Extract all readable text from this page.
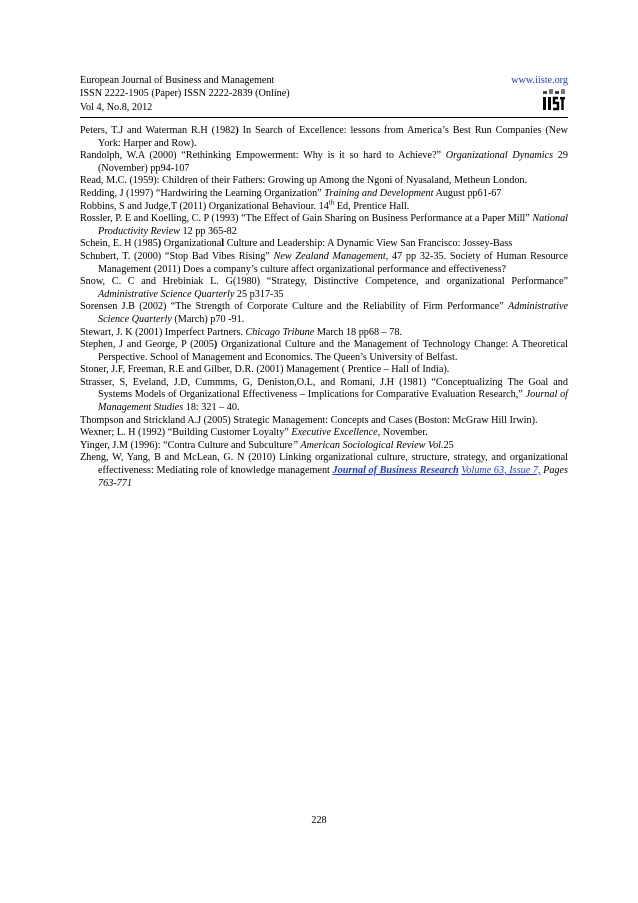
European Journal of Business and Management
ISSN 2222-1905 (Paper) ISSN 2222-2839 (Online)
Vol 4, No.8, 2012
www.iiste.org

Peters, T.J and Waterman R.H (1982) In Search of Excellence: lessons from America’s Best Run Companies (New York: Harper and Row).

Randolph, W.A (2000) “Rethinking Empowerment: Why is it so hard to Achieve?” Organizational Dynamics 29 (November) pp94-107

Read, M.C. (1959): Children of their Fathers: Growing up Among the Ngoni of Nyasaland, Metheun London.

Redding, J (1997) “Hardwiring the Learning Organization” Training and Development August pp61-67

Robbins, S and Judge,T (2011) Organizational Behaviour. 14th Ed, Prentice Hall.

Rossler, P. E and Koelling, C. P (1993) “The Effect of Gain Sharing on Business Performance at a Paper Mill” National Productivity Review 12 pp 365-82

Schein, E. H (1985) Organizational Culture and Leadership: A Dynamic View San Francisco: Jossey-Bass

Schubert, T. (2000) “Stop Bad Vibes Rising” New Zealand Management, 47 pp 32-35. Society of Human Resource Management (2011) Does a company’s culture affect organizational performance and effectiveness?

Snow, C. C and Hrebiniak L. G(1980) “Strategy, Distinctive Competence, and organizational Performance” Administrative Science Quarterly 25 p317-35

Sorensen J.B (2002) “The Strength of Corporate Culture and the Reliability of Firm Performance” Administrative Science Quarterly (March) p70 -91.

Stewart, J. K (2001) Imperfect Partners. Chicago Tribune March 18 pp68 – 78.

Stephen, J and George, P (2005) Organizational Culture and the Management of Technology Change: A Theoretical Perspective. School of Management and Economics. The Queen’s University of Belfast.

Stoner, J.F, Freeman, R.E and Gilber, D.R. (2001) Management ( Prentice – Hall of India).

Strasser, S, Eveland, J.D, Cummms, G, Deniston,O.L, and Romani, J.H (1981) “Conceptualizing The Goal and Systems Models of Organizational Effectiveness – Implications for Comparative Evaluation Research,” Journal of Management Studies 18: 321 – 40.

Thompson and Strickland A.J (2005) Strategic Management: Concepts and Cases (Boston: McGraw Hill Irwin).

Wexner; L. H (1992) “Building Customer Loyalty” Executive Excellence, November.

Yinger, J.M (1996): “Contra Culture and Subculture” American Sociological Review Vol.25

Zheng, W, Yang, B and McLean, G. N (2010) Linking organizational culture, structure, strategy, and organizational effectiveness: Mediating role of knowledge management Journal of Business Research Volume 63, Issue 7, Pages 763-771

228
